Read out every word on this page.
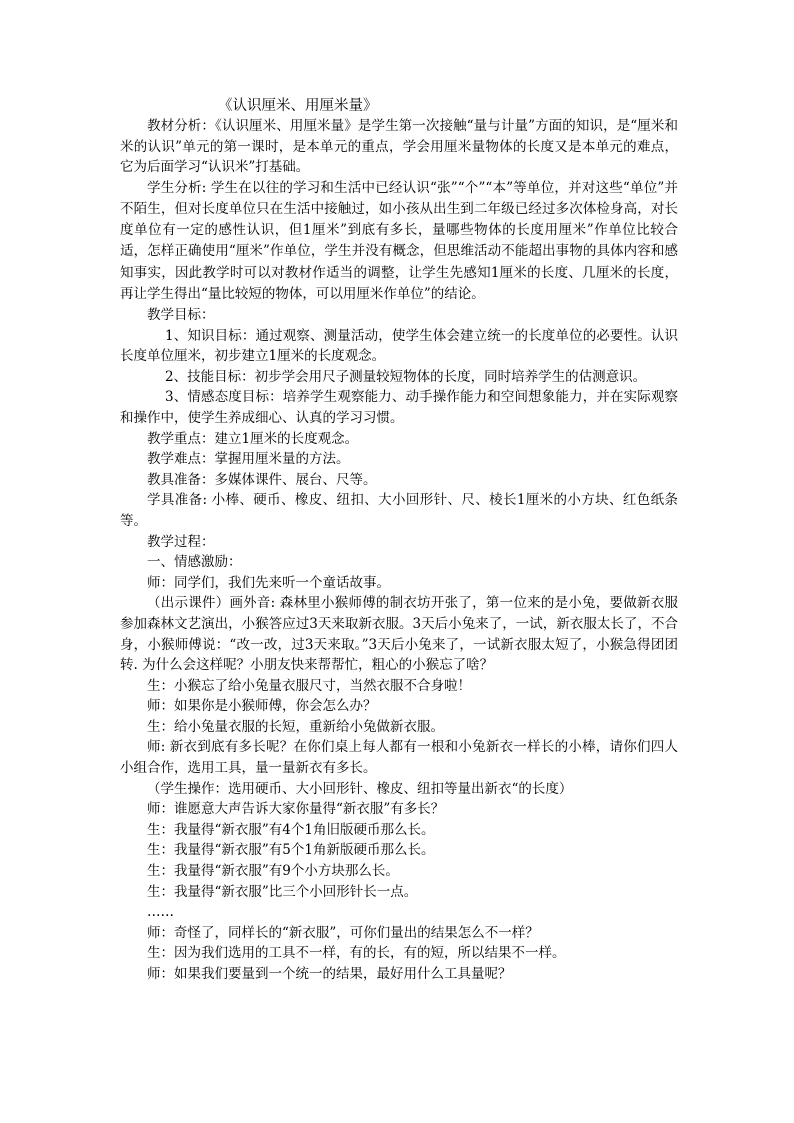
《认识厘米、用厘米量》

教材分析：《认识厘米、用厘米量》是学生第一次接触“量与计量”方面的知识，是“厘米和米的认识”单元的第一课时，是本单元的重点，学会用厘米量物体的长度又是本单元的难点，它为后面学习“认识米”打基础。

学生分析: 学生在以往的学习和生活中已经认识“张”“个”“本”等单位，并对这些“单位”并不陌生，但对长度单位只在生活中接触过，如小孩从出生到二年级已经过多次体检身高，对长度单位有一定的感性认识，但1厘米”到底有多长，量哪些物体的长度用厘米”作单位比较合适，怎样正确使用“厘米”作单位，学生并没有概念，但思维活动不能超出事物的具体内容和感知事实，因此教学时可以对教材作适当的调整，让学生先感知1厘米的长度、几厘米的长度，再让学生得出“量比较短的物体，可以用厘米作单位”的结论。

教学目标：

1、知识目标：通过观察、测量活动，使学生体会建立统一的长度单位的必要性。认识长度单位厘米，初步建立1厘米的长度观念。

2、技能目标：初步学会用尺子测量较短物体的长度，同时培养学生的估测意识。

3、情感态度目标：培养学生观察能力、动手操作能力和空间想象能力，并在实际观察和操作中，使学生养成细心、认真的学习习惯。

教学重点：建立1厘米的长度观念。

教学难点：掌握用厘米量的方法。

教具准备：多媒体课件、展台、尺等。

学具准备: 小棒、硬币、橡皮、纽扣、大小回形针、尺、棱长1厘米的小方块、红色纸条等。

教学过程：

一、情感激励：

师：同学们，我们先来听一个童话故事。

（出示课件）画外音: 森林里小猴师傅的制衣坊开张了，第一位来的是小兔，要做新衣服参加森林文艺演出，小猴答应过3天来取新衣服。3天后小兔来了，一试，新衣服太长了，不合身，小猴师傅说：“改一改，过3天来取。”3天后小兔来了，一试新衣服太短了，小猴急得团团转. 为什么会这样呢？小朋友快来帮帮忙，粗心的小猴忘了啥？

生：小猴忘了给小兔量衣服尺寸，当然衣服不合身啦！

师：如果你是小猴师傅，你会怎么办？

生：给小兔量衣服的长短，重新给小兔做新衣服。

师: 新衣到底有多长呢？在你们桌上每人都有一根和小兔新衣一样长的小棒，请你们四人小组合作，选用工具，量一量新衣有多长。

（学生操作：选用硬币、大小回形针、橡皮、纽扣等量出新衣“的长度）

师：谁愿意大声告诉大家你量得“新衣服”有多长？

生：我量得“新衣服”有4个1角旧版硬币那么长。

生：我量得“新衣服”有5个1角新版硬币那么长。

生：我量得“新衣服”有9个小方块那么长。

生：我量得“新衣服”比三个小回形针长一点。

……

师：奇怪了，同样长的“新衣服”，可你们量出的结果怎么不一样？

生：因为我们选用的工具不一样，有的长，有的短，所以结果不一样。

师：如果我们要量到一个统一的结果，最好用什么工具量呢？
